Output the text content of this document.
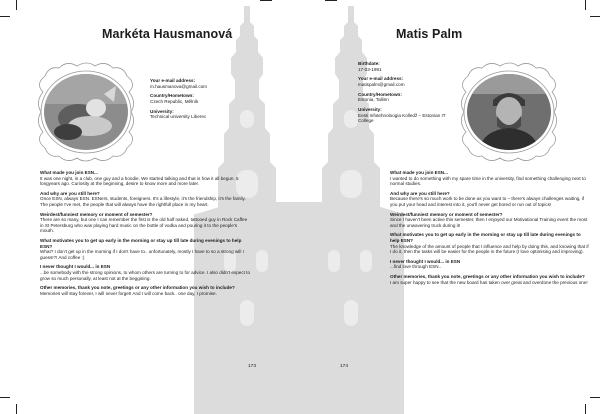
Markéta Hausmanová
Your e-mail address:
m.hausmanova@gmail.com
Country/Hometown:
Czech Republic, Mělník
University:
Technical university Liberec
What made you join ESN...
It was one night, in a club, one guy and a hoodie. We started talking and that is how it all begun. 5 longyears ago. Curiosity at the beginning, desire to know more and more later.
And why are you still here?
Once ESN, always ESN. ESNers, students, foreigners. It's a lifestyle, it's the friendship, it's the family. The people I've met, the people that will always have the rightfull place in my heart.
Weirdest/funniest memory or moment of semester?
There are so many, but one I can remember the first is the old half naked, tattooed guy in Rock Caffee in St Petersburg who was playing hard music on the bottle of vodka and pouring it to the people's mouth.
What motivates you to get up early in the morning or stay up till late during evenings to help ESN?
What? I don't get up in the morning if I don't have to.. unfortunately, mostly I have to so a strong will I guess!?! And coffee :)
I never thought I would... in ESN
...be somebody with the strong opinions, to whom others are turning to for advice. I also didn't expect to grow so much personally, at least not at the beggining.
Other memories, thank you note, greetings or any other information you wish to include?
Memories will stay forever, I will never forget! And I will come back.. one day, I promise.
173
Matis Palm
Birthdate:
17-03-1991
Your e-mail address:
matispalm@gmail.com
Country/Hometown:
Estonia, Tallinn
University:
Eesti Infotehnoloogia Kolledž – Estonian IT College
What made you join ESN...
I wanted to do something with my spare time in the university, find something challenging next to normal studies.
And why are you still here?
Because there's so much work to be done as you want to – there's always challenges waiting, if you put your head and interest into it, you'll never get bored or run out of topics!
Weirdest/funniest memory or moment of semester?
Since I haven't been active this semester, then I enjoyed our Motivational Training event the most and the unwavering truck during it!
What motivates you to get up early in the morning or stay up till late during evenings to help ESN?
The knowledge of the amount of people that I influence and help by doing this, and knowing that if I do it, then the tasks will be easier for the people in the future (I love optimising and improving).
I never thought I would... in ESN
...find love through ESN..
Other memories, thank you note, greetings or any other information you wish to include?
I am super happy to see that the new board has taken over great and overdone the previous one!
174
